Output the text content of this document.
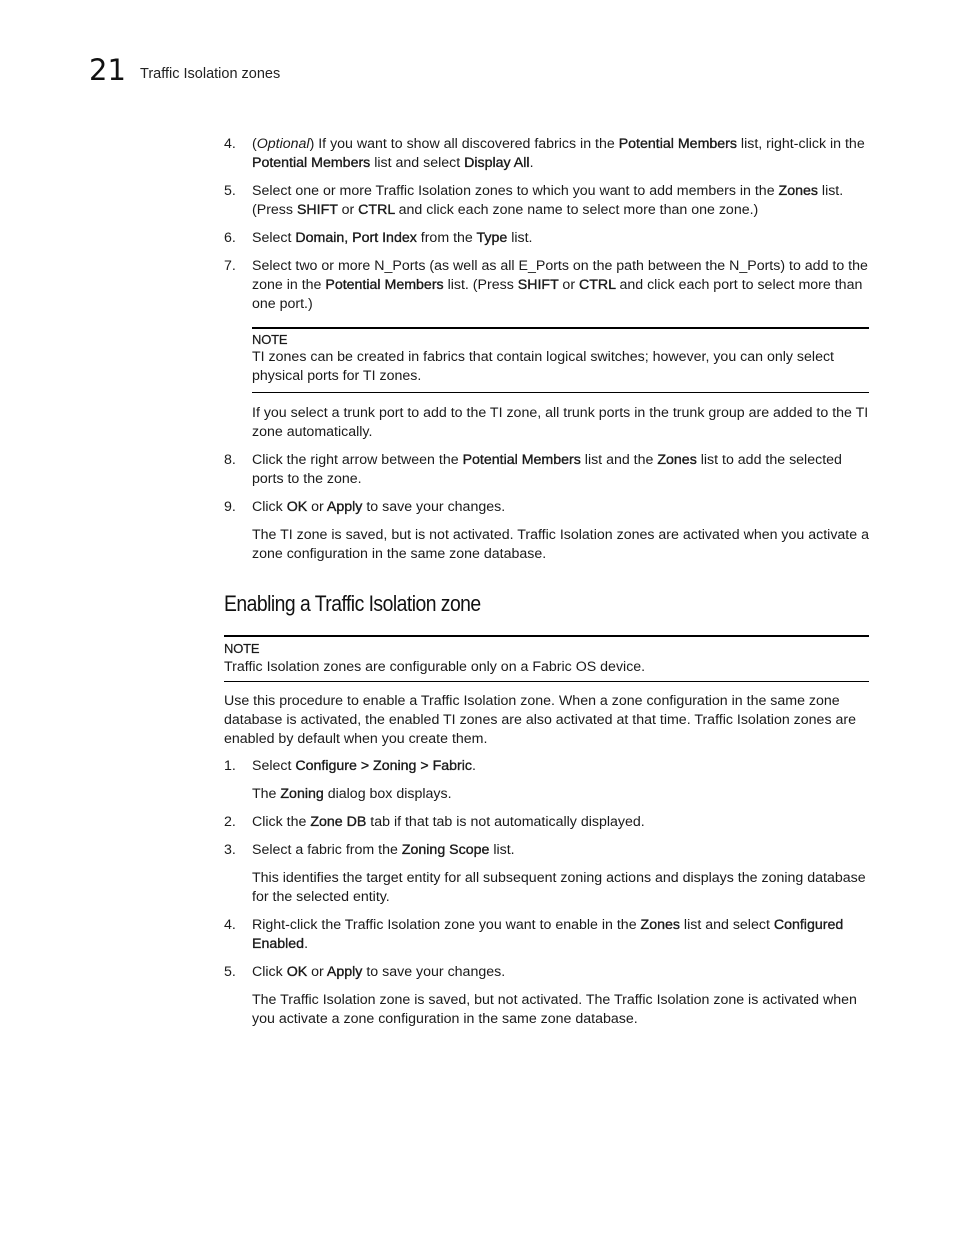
21 Traffic Isolation zones
4. (Optional) If you want to show all discovered fabrics in the Potential Members list, right-click in the Potential Members list and select Display All.
5. Select one or more Traffic Isolation zones to which you want to add members in the Zones list. (Press SHIFT or CTRL and click each zone name to select more than one zone.)
6. Select Domain, Port Index from the Type list.
7. Select two or more N_Ports (as well as all E_Ports on the path between the N_Ports) to add to the zone in the Potential Members list. (Press SHIFT or CTRL and click each port to select more than one port.)
NOTE
TI zones can be created in fabrics that contain logical switches; however, you can only select physical ports for TI zones.
If you select a trunk port to add to the TI zone, all trunk ports in the trunk group are added to the TI zone automatically.
8. Click the right arrow between the Potential Members list and the Zones list to add the selected ports to the zone.
9. Click OK or Apply to save your changes.
The TI zone is saved, but is not activated. Traffic Isolation zones are activated when you activate a zone configuration in the same zone database.
Enabling a Traffic Isolation zone
NOTE
Traffic Isolation zones are configurable only on a Fabric OS device.
Use this procedure to enable a Traffic Isolation zone. When a zone configuration in the same zone database is activated, the enabled TI zones are also activated at that time. Traffic Isolation zones are enabled by default when you create them.
1. Select Configure > Zoning > Fabric.
The Zoning dialog box displays.
2. Click the Zone DB tab if that tab is not automatically displayed.
3. Select a fabric from the Zoning Scope list.
This identifies the target entity for all subsequent zoning actions and displays the zoning database for the selected entity.
4. Right-click the Traffic Isolation zone you want to enable in the Zones list and select Configured Enabled.
5. Click OK or Apply to save your changes.
The Traffic Isolation zone is saved, but not activated. The Traffic Isolation zone is activated when you activate a zone configuration in the same zone database.
